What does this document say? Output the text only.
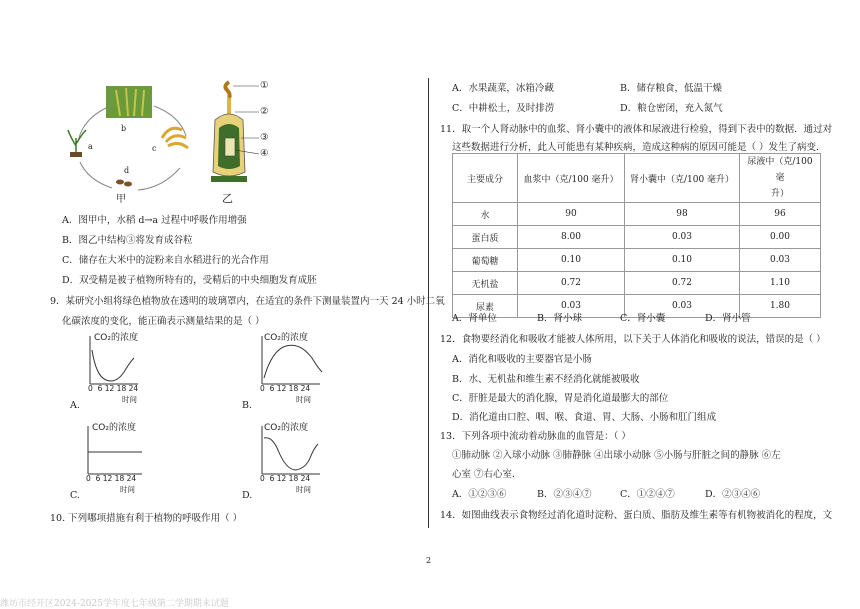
b
c
a
d
甲
①
②
③
④
乙
A．图甲中，水稻 d→a 过程中呼吸作用增强
B．图乙中结构③将发育成谷粒
C．储存在大米中的淀粉来自水稻进行的光合作用
D．双受精是被子植物所特有的，受精后的中央细胞发育成胚
9．某研究小组将绿色植物放在透明的玻璃罩内，在适宜的条件下测量装置内一天 24 小时二氧
化碳浓度的变化，能正确表示测量结果的是（ ）
CO₂的浓度
0 6 12 18 24
时间
A.
CO₂的浓度
0 6 12 18 24
时间
B.
CO₂的浓度
0 6 12 18 24
时间
C.
CO₂的浓度
0 6 12 18 24
时间
D.
10. 下列哪项措施有利于植物的呼吸作用（ ）
A．水果蔬菜，冰箱冷藏	B．储存粮食，低温干燥
C．中耕松土，及时排涝	D．粮仓密闭，充入氮气
11．取一个人肾动脉中的血浆、肾小囊中的液体和尿液进行检验，得到下表中的数据．通过对
这些数据进行分析，此人可能患有某种疾病，造成这种病的原因可能是（ ）发生了病变．
主要成分	血浆中（克/100 毫升）	肾小囊中（克/100 毫升）	尿液中（克/100 毫
升）

水	90	98	96
蛋白质	8.00	0.03	0.00
葡萄糖	0.10	0.10	0.03
无机盐	0.72	0.72	1.10
尿素	0.03	0.03	1.80
A．肾单位	B．肾小球	C．肾小囊	D．肾小管
12．食物要经消化和吸收才能被人体所用，以下关于人体消化和吸收的说法，错误的是（ ）
A．消化和吸收的主要器官是小肠
B．水、无机盐和维生素不经消化就能被吸收
C．肝脏是最大的消化腺，胃是消化道最膨大的部位
D．消化道由口腔、咽、喉、食道、胃、大肠、小肠和肛门组成
13．下列各项中流动着动脉血的血管是：（ ）
①肺动脉 ②入球小动脉 ③肺静脉 ④出球小动脉 ⑤小肠与肝脏之间的静脉 ⑥左
心室 ⑦右心室．
A．①②③⑥	B．②③④⑦	C．①②④⑦	D．②③④⑥
14．如图曲线表示食物经过消化道时淀粉、蛋白质、脂肪及维生素等有机物被消化的程度，文
2
潍坊市经开区2024-2025学年度七年级第二学期期末试题
